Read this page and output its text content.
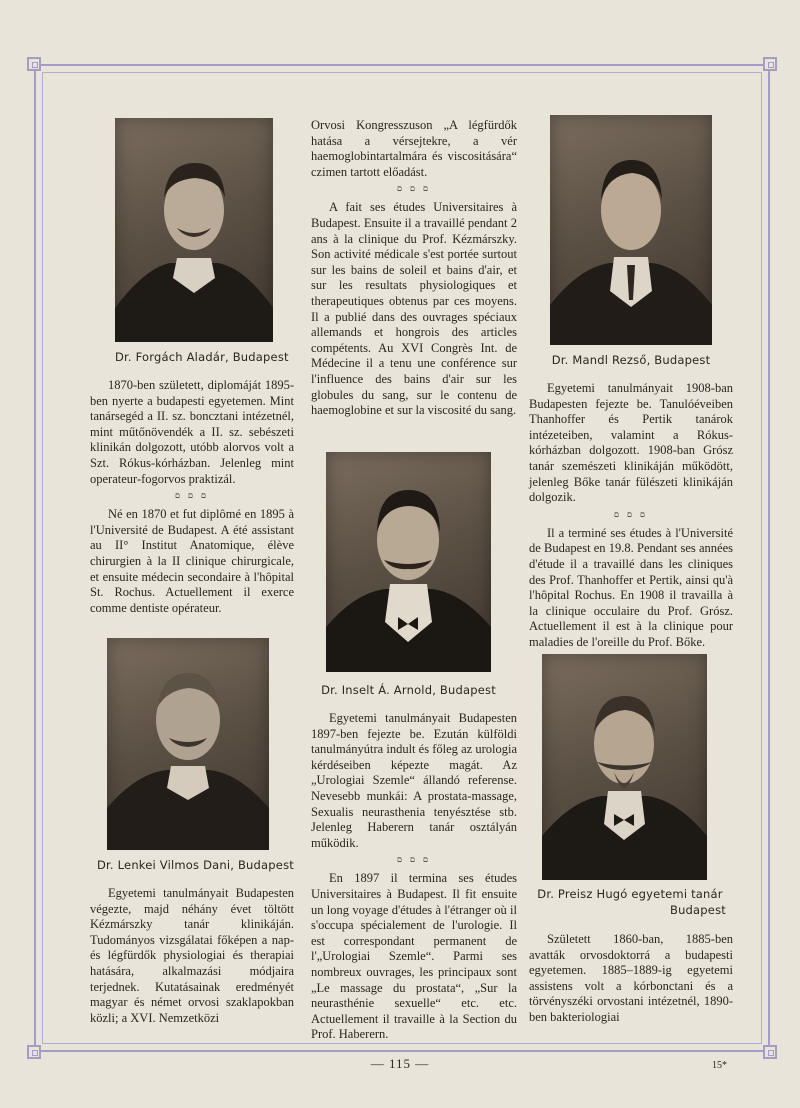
Dr. Forgách Aladár, Budapest

1870-ben született, diplomáját 1895-ben nyerte a budapesti egyetemen. Mint tanársegéd a II. sz. boncztani intézetnél, mint műtőnövendék a II. sz. sebészeti klinikán dolgozott, utóbb alorvos volt a Szt. Rókus-kórházban. Jelenleg mint operateur-fogorvos praktizál.

ם ם ם

Né en 1870 et fut diplômé en 1895 à l'Université de Budapest. A été assistant au II° Institut Anatomique, élève chirurgien à la II clinique chirurgicale, et ensuite médecin secondaire à l'hôpital St. Rochus. Actuellement il exerce comme dentiste opérateur.

Dr. Lenkei Vilmos Dani, Budapest

Egyetemi tanulmányait Budapesten végezte, majd néhány évet töltött Kézmárszky tanár klinikáján. Tudományos vizsgálatai főképen a nap- és légfürdők physiologiai és therapiai hatására, alkalmazási módjaira terjednek. Kutatásainak eredményét magyar és német orvosi szaklapokban közli; a XVI. Nemzetközi

Orvosi Kongresszuson „A légfürdők hatása a vérsejtekre, a vér haemoglobintartalmára és viscositására“ czimen tartott előadást.

ם ם ם

A fait ses études Universitaires à Budapest. Ensuite il a travaillé pendant 2 ans à la clinique du Prof. Kézmárszky. Son activité médicale s'est portée surtout sur les bains de soleil et bains d'air, et sur les resultats physiologiques et therapeutiques obtenus par ces moyens. Il a publié dans des ouvrages spéciaux allemands et hongrois des articles compétents. Au XVI Congrès Int. de Médecine il a tenu une conférence sur l'influence des bains d'air sur les globules du sang, sur le contenu de haemoglobine et sur la viscosité du sang.

Dr. Inselt Á. Arnold, Budapest

Egyetemi tanulmányait Budapesten 1897-ben fejezte be. Ezután külföldi tanulmányútra indult és főleg az urologia kérdéseiben képezte magát. Az „Urologiai Szemle“ állandó referense. Nevesebb munkái: A prostata-massage, Sexualis neurasthenia tenyésztése stb. Jelenleg Haberern tanár osztályán működik.

ם ם ם

En 1897 il termina ses études Universitaires à Budapest. Il fit ensuite un long voyage d'études à l'étranger où il s'occupa spécialement de l'urologie. Il est correspondant permanent de l'„Urologiai Szemle“. Parmi ses nombreux ouvrages, les principaux sont „Le massage du prostata“, „Sur la neurasthénie sexuelle“ etc. etc. Actuellement il travaille à la Section du Prof. Haberern.

Dr. Mandl Rezső, Budapest

Egyetemi tanulmányait 1908-ban Budapesten fejezte be. Tanulóéveiben Thanhoffer és Pertik tanárok intézeteiben, valamint a Rókus-kórházban dolgozott. 1908-ban Grósz tanár szemészeti klinikáján működött, jelenleg Bőke tanár fülészeti klinikáján dolgozik.

ם ם ם

Il a terminé ses études à l'Université de Budapest en 19.8. Pendant ses années d'étude il a travaillé dans les cliniques des Prof. Thanhoffer et Pertik, ainsi qu'à l'hôpital Rochus. En 1908 il travailla à la clinique occulaire du Prof. Grósz. Actuellement il est à la clinique pour maladies de l'oreille du Prof. Bőke.

Dr. Preisz Hugó egyetemi tanár
Budapest

Született 1860-ban, 1885-ben avatták orvosdoktorrá a budapesti egyetemen. 1885–1889-ig egyetemi assistens volt a kórbonctani és a törvényszéki orvostani intézetnél, 1890-ben bakteriologiai

— 115 —	15*
